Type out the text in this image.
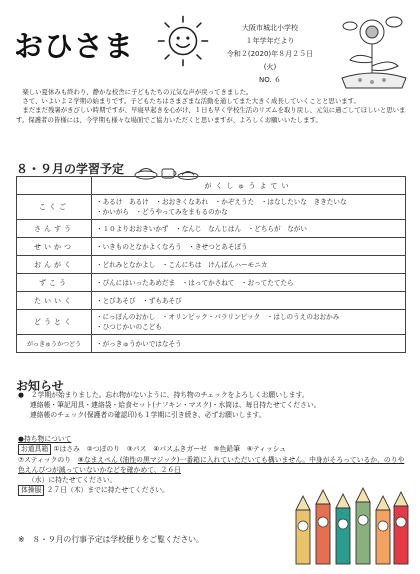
おひさま
大阪市城北小学校
１年学年だより
令和２(2020)年８月２５日(火)
NO. ６

　楽しい夏休みも終わり、静かな校舎に子どもたちの元気な声が戻ってきました。

　さて、いよいよ２学期の始まりです。子どもたちはさまざまな活動を通してまた大きく成長していくことと思います。

　まだまだ残暑がきびしい時期ですが、早寝早起きを心がけ、１日も早く学校生活のリズムを取り戻し、元気に過ごしてほしいと思います。保護者の皆様には、今学期も様々な場面でご協力いただくと思いますが、よろしくお願いいたします。

８・９月の学習予定
	がくしゅうよてい
こくご	・あるけ　あるけ　・おおきくなあれ　・かぞえうた　・はなしたいな　ききたいな
・かいがら　・どうやってみをまもるのかな

さんすう	・１０よりおおきいかず　・なんじ　なんじはん　・どちらが　ながい
せいかつ	・いきものとなかよくなろう　・きせつとあそぼう
おんがく	・どれみとなかよし　・こんにちは　けんばんハーモニカ
ずこう	・びんにはいったあめだま　・はってかさねて　・おってたてたら
たいいく	・とびあそび　・ずもあそび
どうとく	・にっぽんのおかし　・オリンピック・パラリンピック　・はしのうえのおおかみ
・ひつじかいのこども

がっきゅうかつどう	・がっきゅうかいではなそう
お知らせ
●　２学期が始まりました。忘れ物がないように、持ち物のチェックをよろしくお願いします。
連絡帳・筆記用具・連絡袋・給食セット(ナフキン・マスク)・水筒は、毎日持たせてください。
連絡帳のチェック(保護者の確認印)も１学期に引き続き、必ずお願いします。
●持ち物について
お道具箱 ①はさみ　②つぼのり　③パス　④パスふきガーゼ　⑤色鉛筆　⑥ティッシュ
⑦スティックのり　⑧なまえぺん (油性の黒マジック)一番箱に入れていただいても構いません。中身がそろっているか、のりや色えんぴつが減っていないかなどを確かめて、２６日
（水）に持たせてください。
体操服 ２７日（木）までに持たせてください。
※　８・９月の行事予定は学校便りをご覧ください。
